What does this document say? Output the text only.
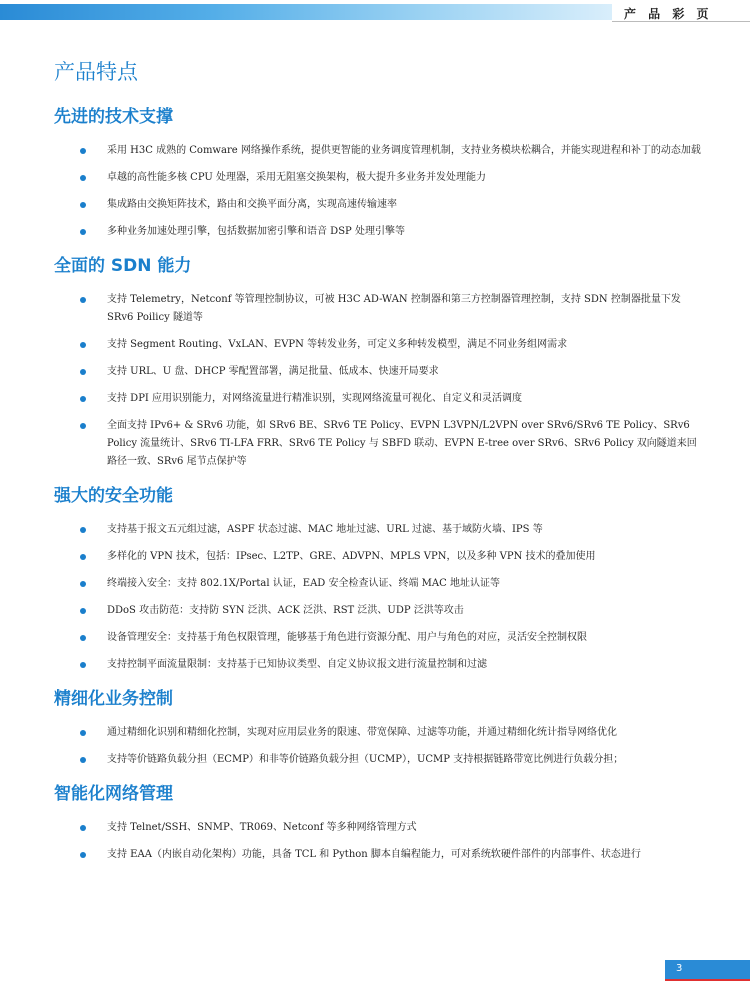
产 品 彩 页
产品特点
先进的技术支撑
采用 H3C 成熟的 Comware 网络操作系统，提供更智能的业务调度管理机制，支持业务模块松耦合，并能实现进程和补丁的动态加载
卓越的高性能多核 CPU 处理器，采用无阻塞交换架构，极大提升多业务并发处理能力
集成路由交换矩阵技术，路由和交换平面分离，实现高速传输速率
多种业务加速处理引擎，包括数据加密引擎和语音 DSP 处理引擎等
全面的 SDN 能力
支持 Telemetry，Netconf 等管理控制协议，可被 H3C AD-WAN 控制器和第三方控制器管理控制，支持 SDN 控制器批量下发 SRv6 Poilicy 隧道等
支持 Segment Routing、VxLAN、EVPN 等转发业务，可定义多种转发模型，满足不同业务组网需求
支持 URL、U 盘、DHCP 零配置部署，满足批量、低成本、快速开局要求
支持 DPI 应用识别能力，对网络流量进行精准识别，实现网络流量可视化、自定义和灵活调度
全面支持 IPv6+ & SRv6 功能，如 SRv6 BE、SRv6 TE Policy、EVPN L3VPN/L2VPN over SRv6/SRv6 TE Policy、SRv6 Policy 流量统计、SRv6 TI-LFA FRR、SRv6 TE Policy 与 SBFD 联动、EVPN E-tree over SRv6、SRv6 Policy 双向隧道来回路径一致、SRv6 尾节点保护等
强大的安全功能
支持基于报文五元组过滤，ASPF 状态过滤、MAC 地址过滤、URL 过滤、基于域防火墙、IPS 等
多样化的 VPN 技术，包括：IPsec、L2TP、GRE、ADVPN、MPLS VPN，以及多种 VPN 技术的叠加使用
终端接入安全：支持 802.1X/Portal 认证，EAD 安全检查认证、终端 MAC 地址认证等
DDoS 攻击防范：支持防 SYN 泛洪、ACK 泛洪、RST 泛洪、UDP 泛洪等攻击
设备管理安全：支持基于角色权限管理，能够基于角色进行资源分配、用户与角色的对应，灵活安全控制权限
支持控制平面流量限制：支持基于已知协议类型、自定义协议报文进行流量控制和过滤
精细化业务控制
通过精细化识别和精细化控制，实现对应用层业务的限速、带宽保障、过滤等功能，并通过精细化统计指导网络优化
支持等价链路负载分担（ECMP）和非等价链路负载分担（UCMP），UCMP 支持根据链路带宽比例进行负载分担；
智能化网络管理
支持 Telnet/SSH、SNMP、TR069、Netconf 等多种网络管理方式
支持 EAA（内嵌自动化架构）功能，具备 TCL 和 Python 脚本自编程能力，可对系统软硬件部件的内部事件、状态进行
3
